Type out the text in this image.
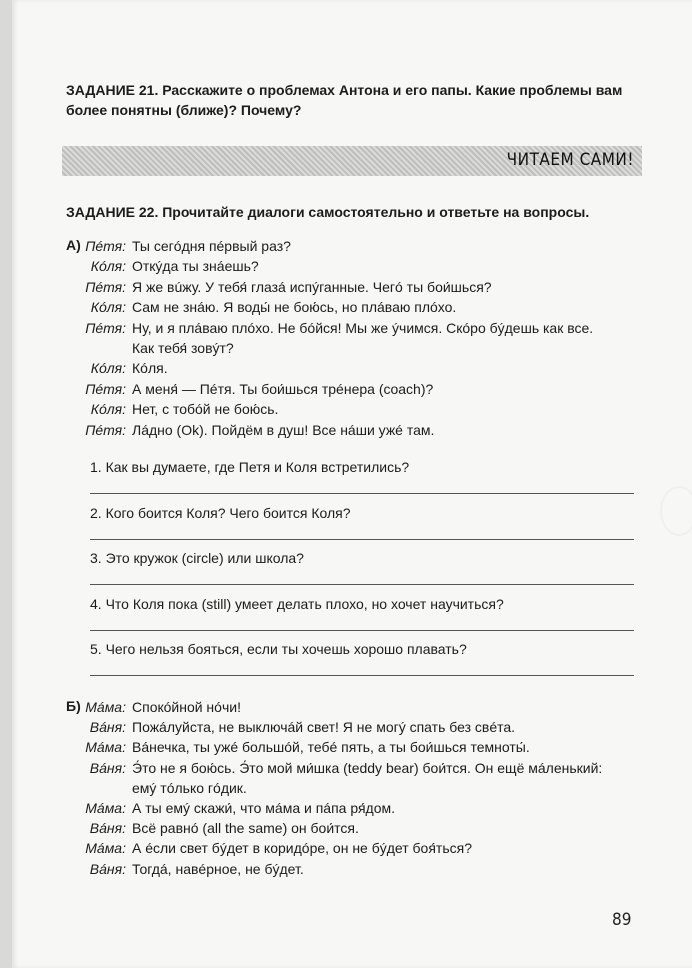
ЗАДАНИЕ 21. Расскажите о проблемах Антона и его папы. Какие проблемы вам более понятны (ближе)? Почему?
ЧИТАЕМ САМИ!
ЗАДАНИЕ 22. Прочитайте диалоги самостоятельно и ответьте на вопросы.
А) Пéтя: Ты сегóдня пéрвый раз?
Кóля: Откýда ты знáешь?
Пéтя: Я же вúжу. У тебя́ глазá испýганные. Чегó ты бои́шься?
Кóля: Сам не знáю. Я воды́ не бою́сь, но плáваю плóхо.
Пéтя: Ну, и я плáваю плóхо. Не бóйся! Мы же ýчимся. Скóро бýдешь как все.
Как тебя́ зовýт?
Кóля: Кóля.
Пéтя: А меня́ — Пéтя. Ты бои́шься трéнера (coach)?
Кóля: Нет, с тобóй не бою́сь.
Пéтя: Лáдно (Ok). Пойдём в душ! Все нáши ужé там.
1. Как вы думаете, где Петя и Коля встретились?
2. Кого боится Коля? Чего боится Коля?
3. Это кружок (circle) или школа?
4. Что Коля пока (still) умеет делать плохо, но хочет научиться?
5. Чего нельзя бояться, если ты хочешь хорошо плавать?
Б) Мáма: Спокóйной нóчи!
Вáня: Пожáлуйста, не выключáй свет! Я не могý спать без свéта.
Мáма: Вáнечка, ты ужé большóй, тебé пять, а ты бои́шься темноты́.
Вáня: Э́то не я бою́сь. Э́то мой ми́шка (teddy bear) бои́тся. Он ещё мáленький:
емý тóлько гóдик.
Мáма: А ты емý скажи́, что мáма и пáпа ря́дом.
Вáня: Всё равнó (all the same) он бои́тся.
Мáма: А éсли свет бýдет в коридóре, он не бýдет боя́ться?
Вáня: Тогдá, навéрное, не бýдет.
89
